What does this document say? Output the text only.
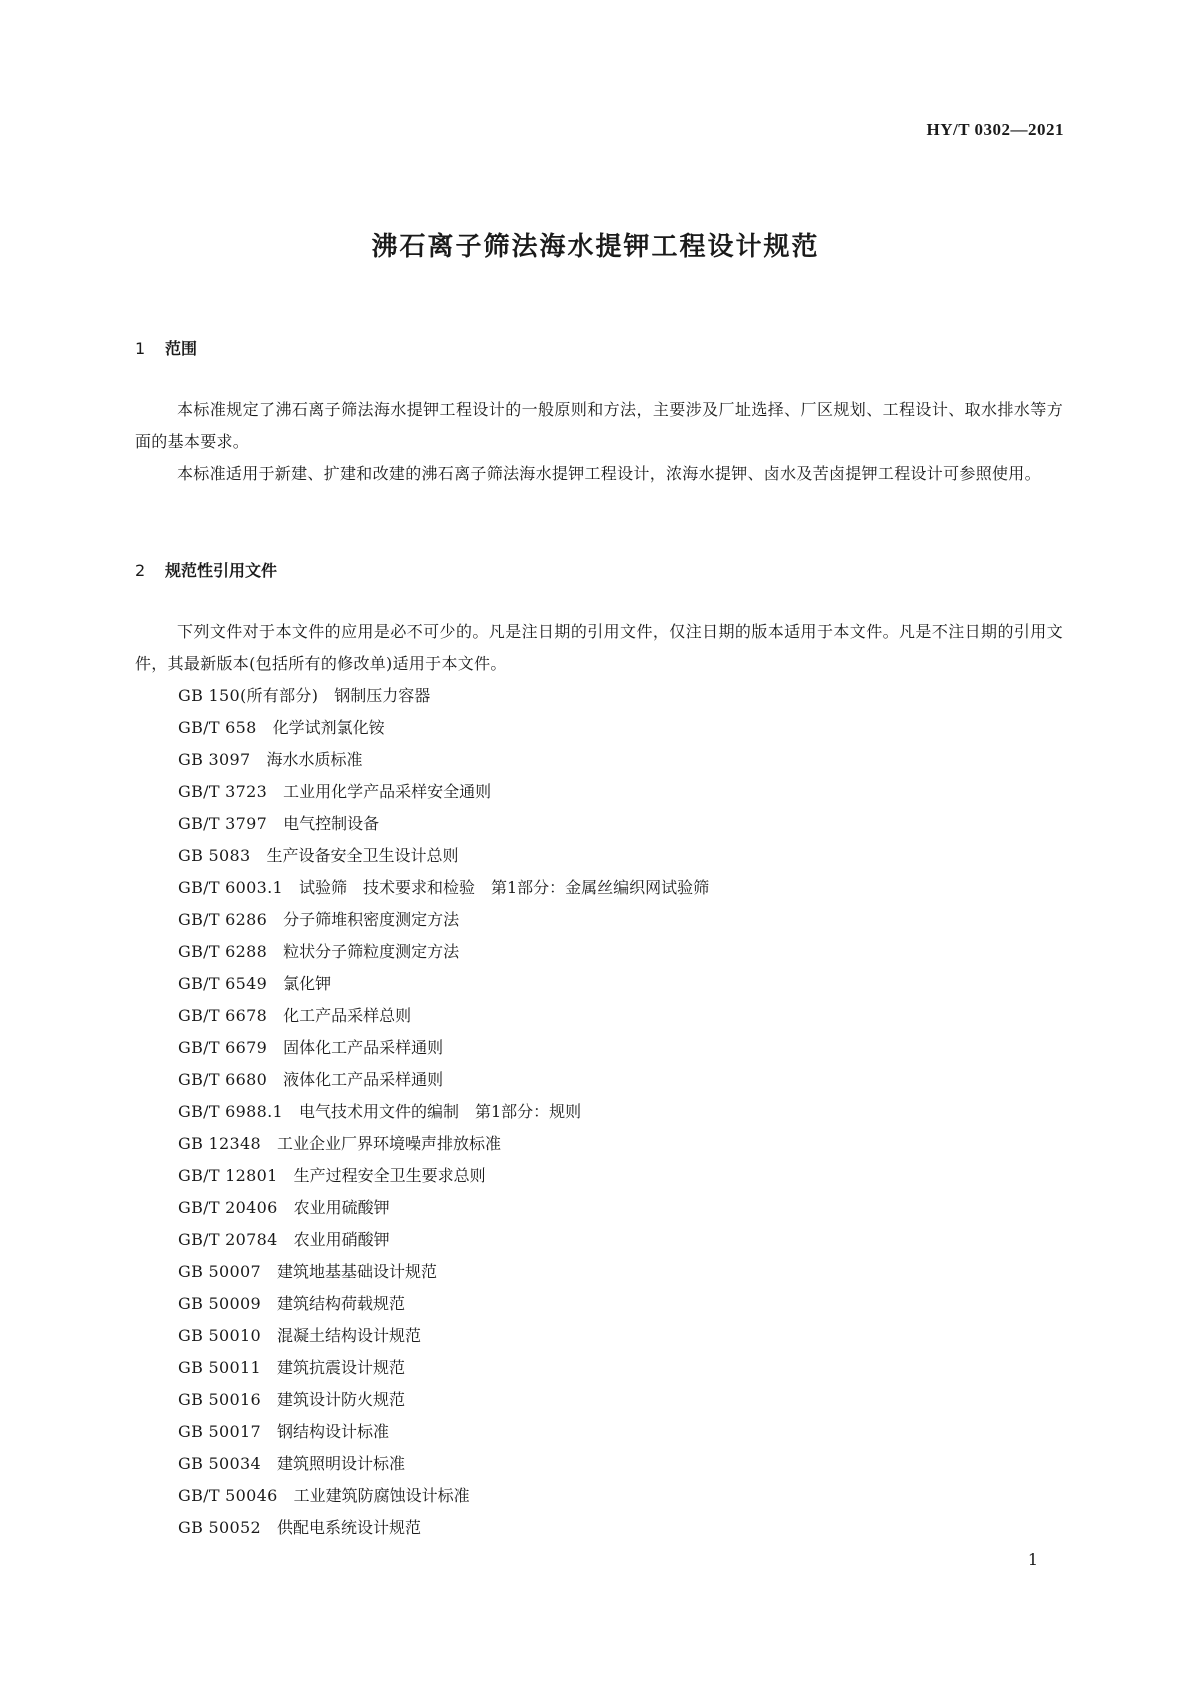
HY/T 0302—2021
沸石离子筛法海水提钾工程设计规范
1 范围

本标准规定了沸石离子筛法海水提钾工程设计的一般原则和方法，主要涉及厂址选择、厂区规划、工程设计、取水排水等方面的基本要求。

本标准适用于新建、扩建和改建的沸石离子筛法海水提钾工程设计，浓海水提钾、卤水及苦卤提钾工程设计可参照使用。

2 规范性引用文件

下列文件对于本文件的应用是必不可少的。凡是注日期的引用文件，仅注日期的版本适用于本文件。凡是不注日期的引用文件，其最新版本(包括所有的修改单)适用于本文件。

GB 150(所有部分) 钢制压力容器
GB/T 658 化学试剂氯化铵
GB 3097 海水水质标准
GB/T 3723 工业用化学产品采样安全通则
GB/T 3797 电气控制设备
GB 5083 生产设备安全卫生设计总则
GB/T 6003.1 试验筛　技术要求和检验　第1部分：金属丝编织网试验筛
GB/T 6286 分子筛堆积密度测定方法
GB/T 6288 粒状分子筛粒度测定方法
GB/T 6549 氯化钾
GB/T 6678 化工产品采样总则
GB/T 6679 固体化工产品采样通则
GB/T 6680 液体化工产品采样通则
GB/T 6988.1 电气技术用文件的编制　第1部分：规则
GB 12348 工业企业厂界环境噪声排放标准
GB/T 12801 生产过程安全卫生要求总则
GB/T 20406 农业用硫酸钾
GB/T 20784 农业用硝酸钾
GB 50007 建筑地基基础设计规范
GB 50009 建筑结构荷载规范
GB 50010 混凝土结构设计规范
GB 50011 建筑抗震设计规范
GB 50016 建筑设计防火规范
GB 50017 钢结构设计标准
GB 50034 建筑照明设计标准
GB/T 50046 工业建筑防腐蚀设计标准
GB 50052 供配电系统设计规范
1
